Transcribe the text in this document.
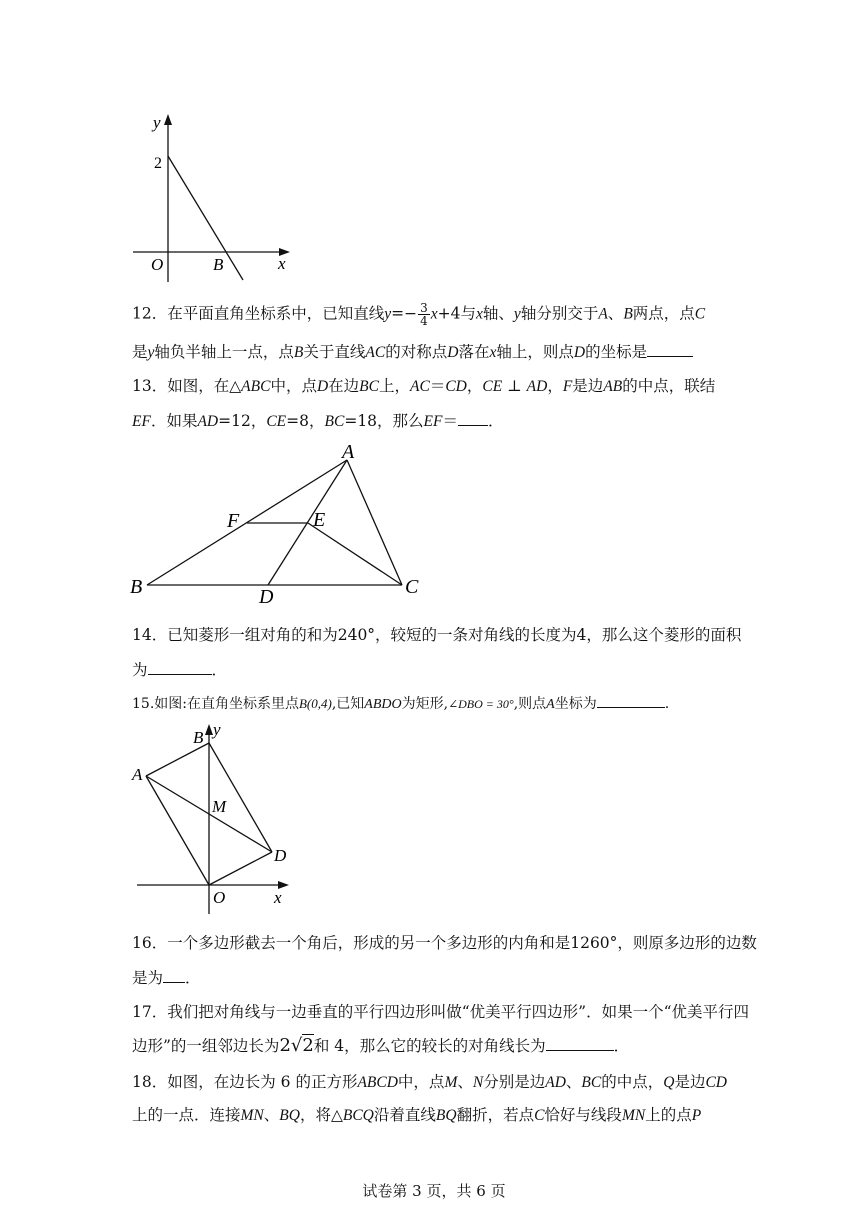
y
x
2
O	B
12．在平面直角坐标系中，已知直线$y=- \frac{3}{4} x+4$与x轴、y轴分别交于A、B两点，点C
是y轴负半轴上一点，点B关于直线AC的对称点D落在x轴上，则点D的坐标是
13．如图，在△ABC中，点D在边BC上，AC＝CD，CE ⊥ AD，F是边AB的中点，联结
EF．如果AD=12，CE=8，BC=18，那么EF＝ ．
A
B	C
D
E
F
14．已知菱形一组对角的和为240°，较短的一条对角线的长度为4，那么这个菱形的面积
为	．
15.如图:在直角坐标系里点B(0,4),已知ABDO为矩形,∠DBO = 30°,则点A坐标为	.
y
x
B
A
M
D
O
16．一个多边形截去一个角后，形成的另一个多边形的内角和是1260°，则原多边形的边数
是为 ．
17．我们把对角线与一边垂直的平行四边形叫做“优美平行四边形”．如果一个“优美平行四
边形”的一组邻边长为2√2和 4，那么它的较长的对角线长为	．
18．如图，在边长为 6 的正方形ABCD中，点M、N分别是边AD、BC的中点，Q是边CD
上的一点．连接MN、BQ，将△BCQ沿着直线BQ翻折，若点C恰好与线段MN上的点P
试卷第 3 页，共 6 页
